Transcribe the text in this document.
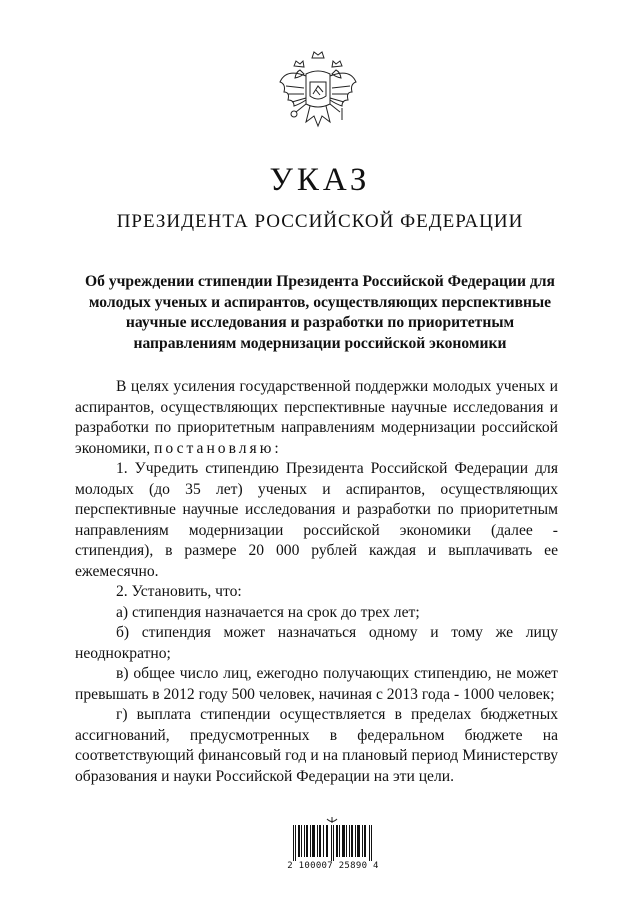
УКАЗ
ПРЕЗИДЕНТА РОССИЙСКОЙ ФЕДЕРАЦИИ

Об учреждении стипендии Президента Российской Федерации для молодых ученых и аспирантов, осуществляющих перспективные научные исследования и разработки по приоритетным направлениям модернизации российской экономики

В целях усиления государственной поддержки молодых ученых и аспирантов, осуществляющих перспективные научные исследования и разработки по приоритетным направлениям модернизации российской экономики, постановляю:

1. Учредить стипендию Президента Российской Федерации для молодых (до 35 лет) ученых и аспирантов, осуществляющих перспективные научные исследования и разработки по приоритетным направлениям модернизации российской экономики (далее - стипендия), в размере 20 000 рублей каждая и выплачивать ее ежемесячно.

2. Установить, что:

а) стипендия назначается на срок до трех лет;

б) стипендия может назначаться одному и тому же лицу неоднократно;

в) общее число лиц, ежегодно получающих стипендию, не может превышать в 2012 году 500 человек, начиная с 2013 года - 1000 человек;

г) выплата стипендии осуществляется в пределах бюджетных ассигнований, предусмотренных в федеральном бюджете на соответствующий финансовый год и на плановый период Министерству образования и науки Российской Федерации на эти цели.

2 100007 25890 4
